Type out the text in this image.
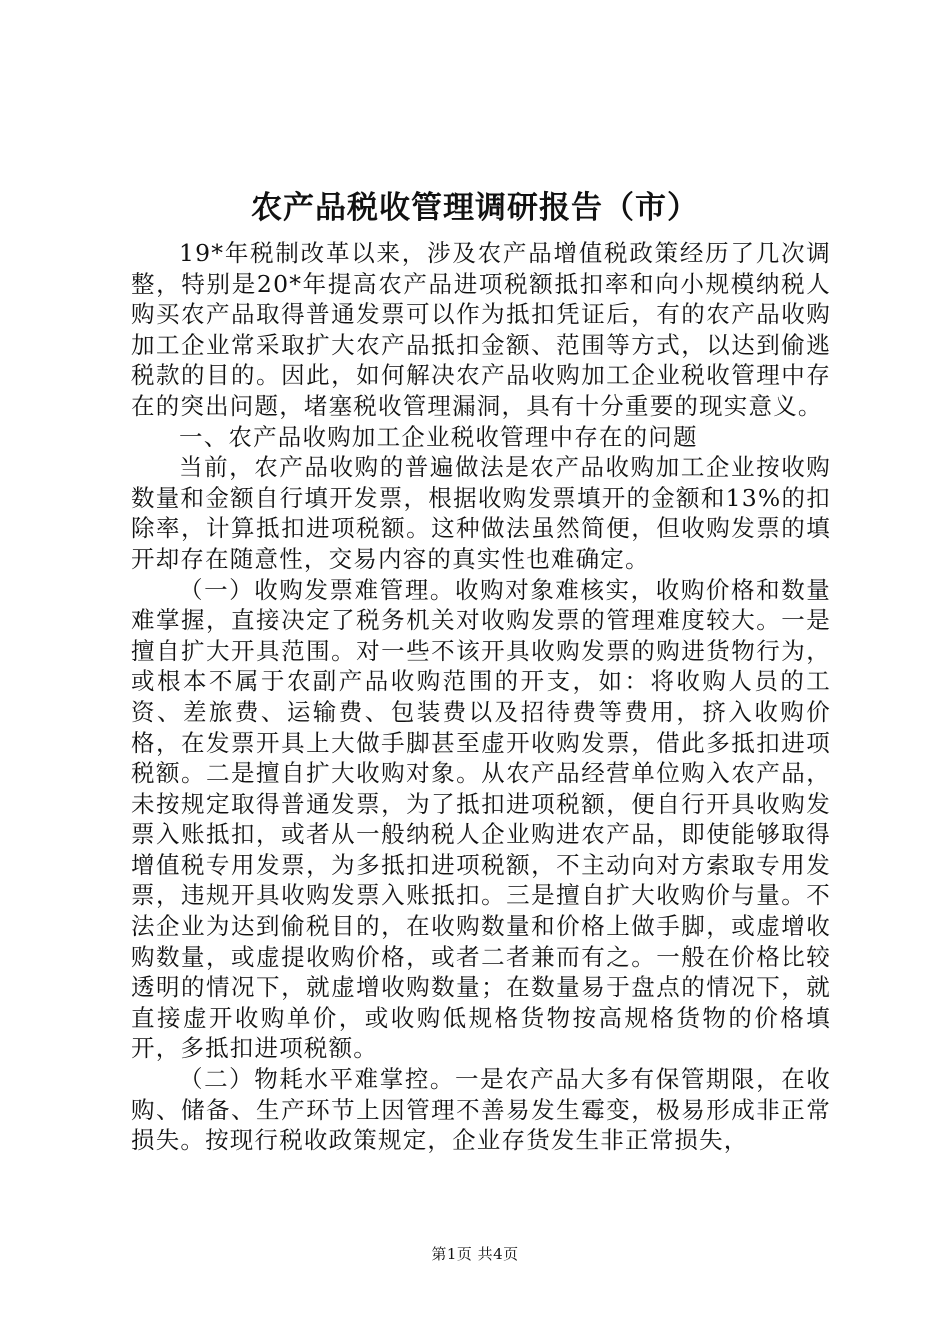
农产品税收管理调研报告（市）

19*年税制改革以来，涉及农产品增值税政策经历了几次调整，特别是20*年提高农产品进项税额抵扣率和向小规模纳税人购买农产品取得普通发票可以作为抵扣凭证后，有的农产品收购加工企业常采取扩大农产品抵扣金额、范围等方式，以达到偷逃税款的目的。因此，如何解决农产品收购加工企业税收管理中存在的突出问题，堵塞税收管理漏洞，具有十分重要的现实意义。

一、农产品收购加工企业税收管理中存在的问题

当前，农产品收购的普遍做法是农产品收购加工企业按收购数量和金额自行填开发票，根据收购发票填开的金额和13%的扣除率，计算抵扣进项税额。这种做法虽然简便，但收购发票的填开却存在随意性，交易内容的真实性也难确定。

（一）收购发票难管理。收购对象难核实，收购价格和数量难掌握，直接决定了税务机关对收购发票的管理难度较大。一是擅自扩大开具范围。对一些不该开具收购发票的购进货物行为，或根本不属于农副产品收购范围的开支，如：将收购人员的工资、差旅费、运输费、包装费以及招待费等费用，挤入收购价格，在发票开具上大做手脚甚至虚开收购发票，借此多抵扣进项税额。二是擅自扩大收购对象。从农产品经营单位购入农产品，未按规定取得普通发票，为了抵扣进项税额，便自行开具收购发票入账抵扣，或者从一般纳税人企业购进农产品，即使能够取得增值税专用发票，为多抵扣进项税额，不主动向对方索取专用发票，违规开具收购发票入账抵扣。三是擅自扩大收购价与量。不法企业为达到偷税目的，在收购数量和价格上做手脚，或虚增收购数量，或虚提收购价格，或者二者兼而有之。一般在价格比较透明的情况下，就虚增收购数量；在数量易于盘点的情况下，就直接虚开收购单价，或收购低规格货物按高规格货物的价格填开，多抵扣进项税额。

（二）物耗水平难掌控。一是农产品大多有保管期限，在收购、储备、生产环节上因管理不善易发生霉变，极易形成非正常损失。按现行税收政策规定，企业存货发生非正常损失，

第1页 共4页
